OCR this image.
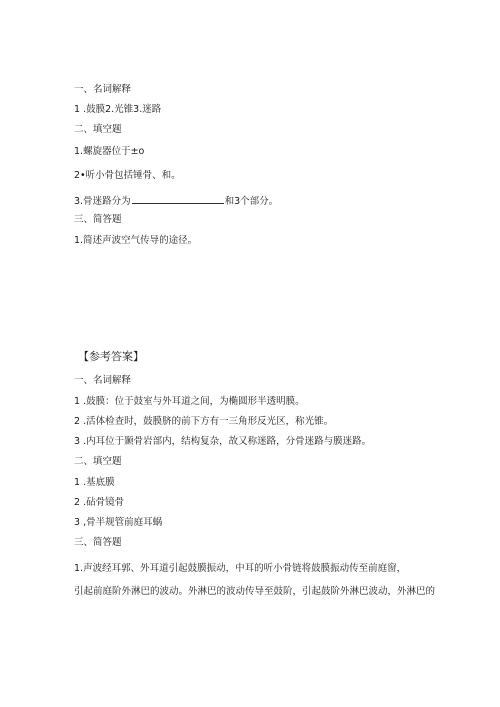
一、名词解释
1 .鼓膜2.光锥3.迷路
二、填空题
1.螺旋器位于±o
2•听小骨包括锤骨、和。
3.骨迷路分为	和3个部分。
三、简答题
1.简述声波空气传导的途径。
【参考答案】
一、名词解释
1 .鼓膜：位于鼓室与外耳道之间，为椭圆形半透明膜。
2 .活体检查时，鼓膜脐的前下方有一三角形反光区，称光锥。
3 .内耳位于颞骨岩部内，结构复杂，故又称迷路，分骨迷路与膜迷路。
二、填空题
1 .基底膜
2 .砧骨镜骨
3 ,骨半规管前庭耳蜗
三、简答题
1.声波经耳郭、外耳道引起鼓膜振动，中耳的听小骨链将鼓膜振动传至前庭窗，
引起前庭阶外淋巴的波动。外淋巴的波动传导至鼓阶，引起鼓阶外淋巴波动，外淋巴的
